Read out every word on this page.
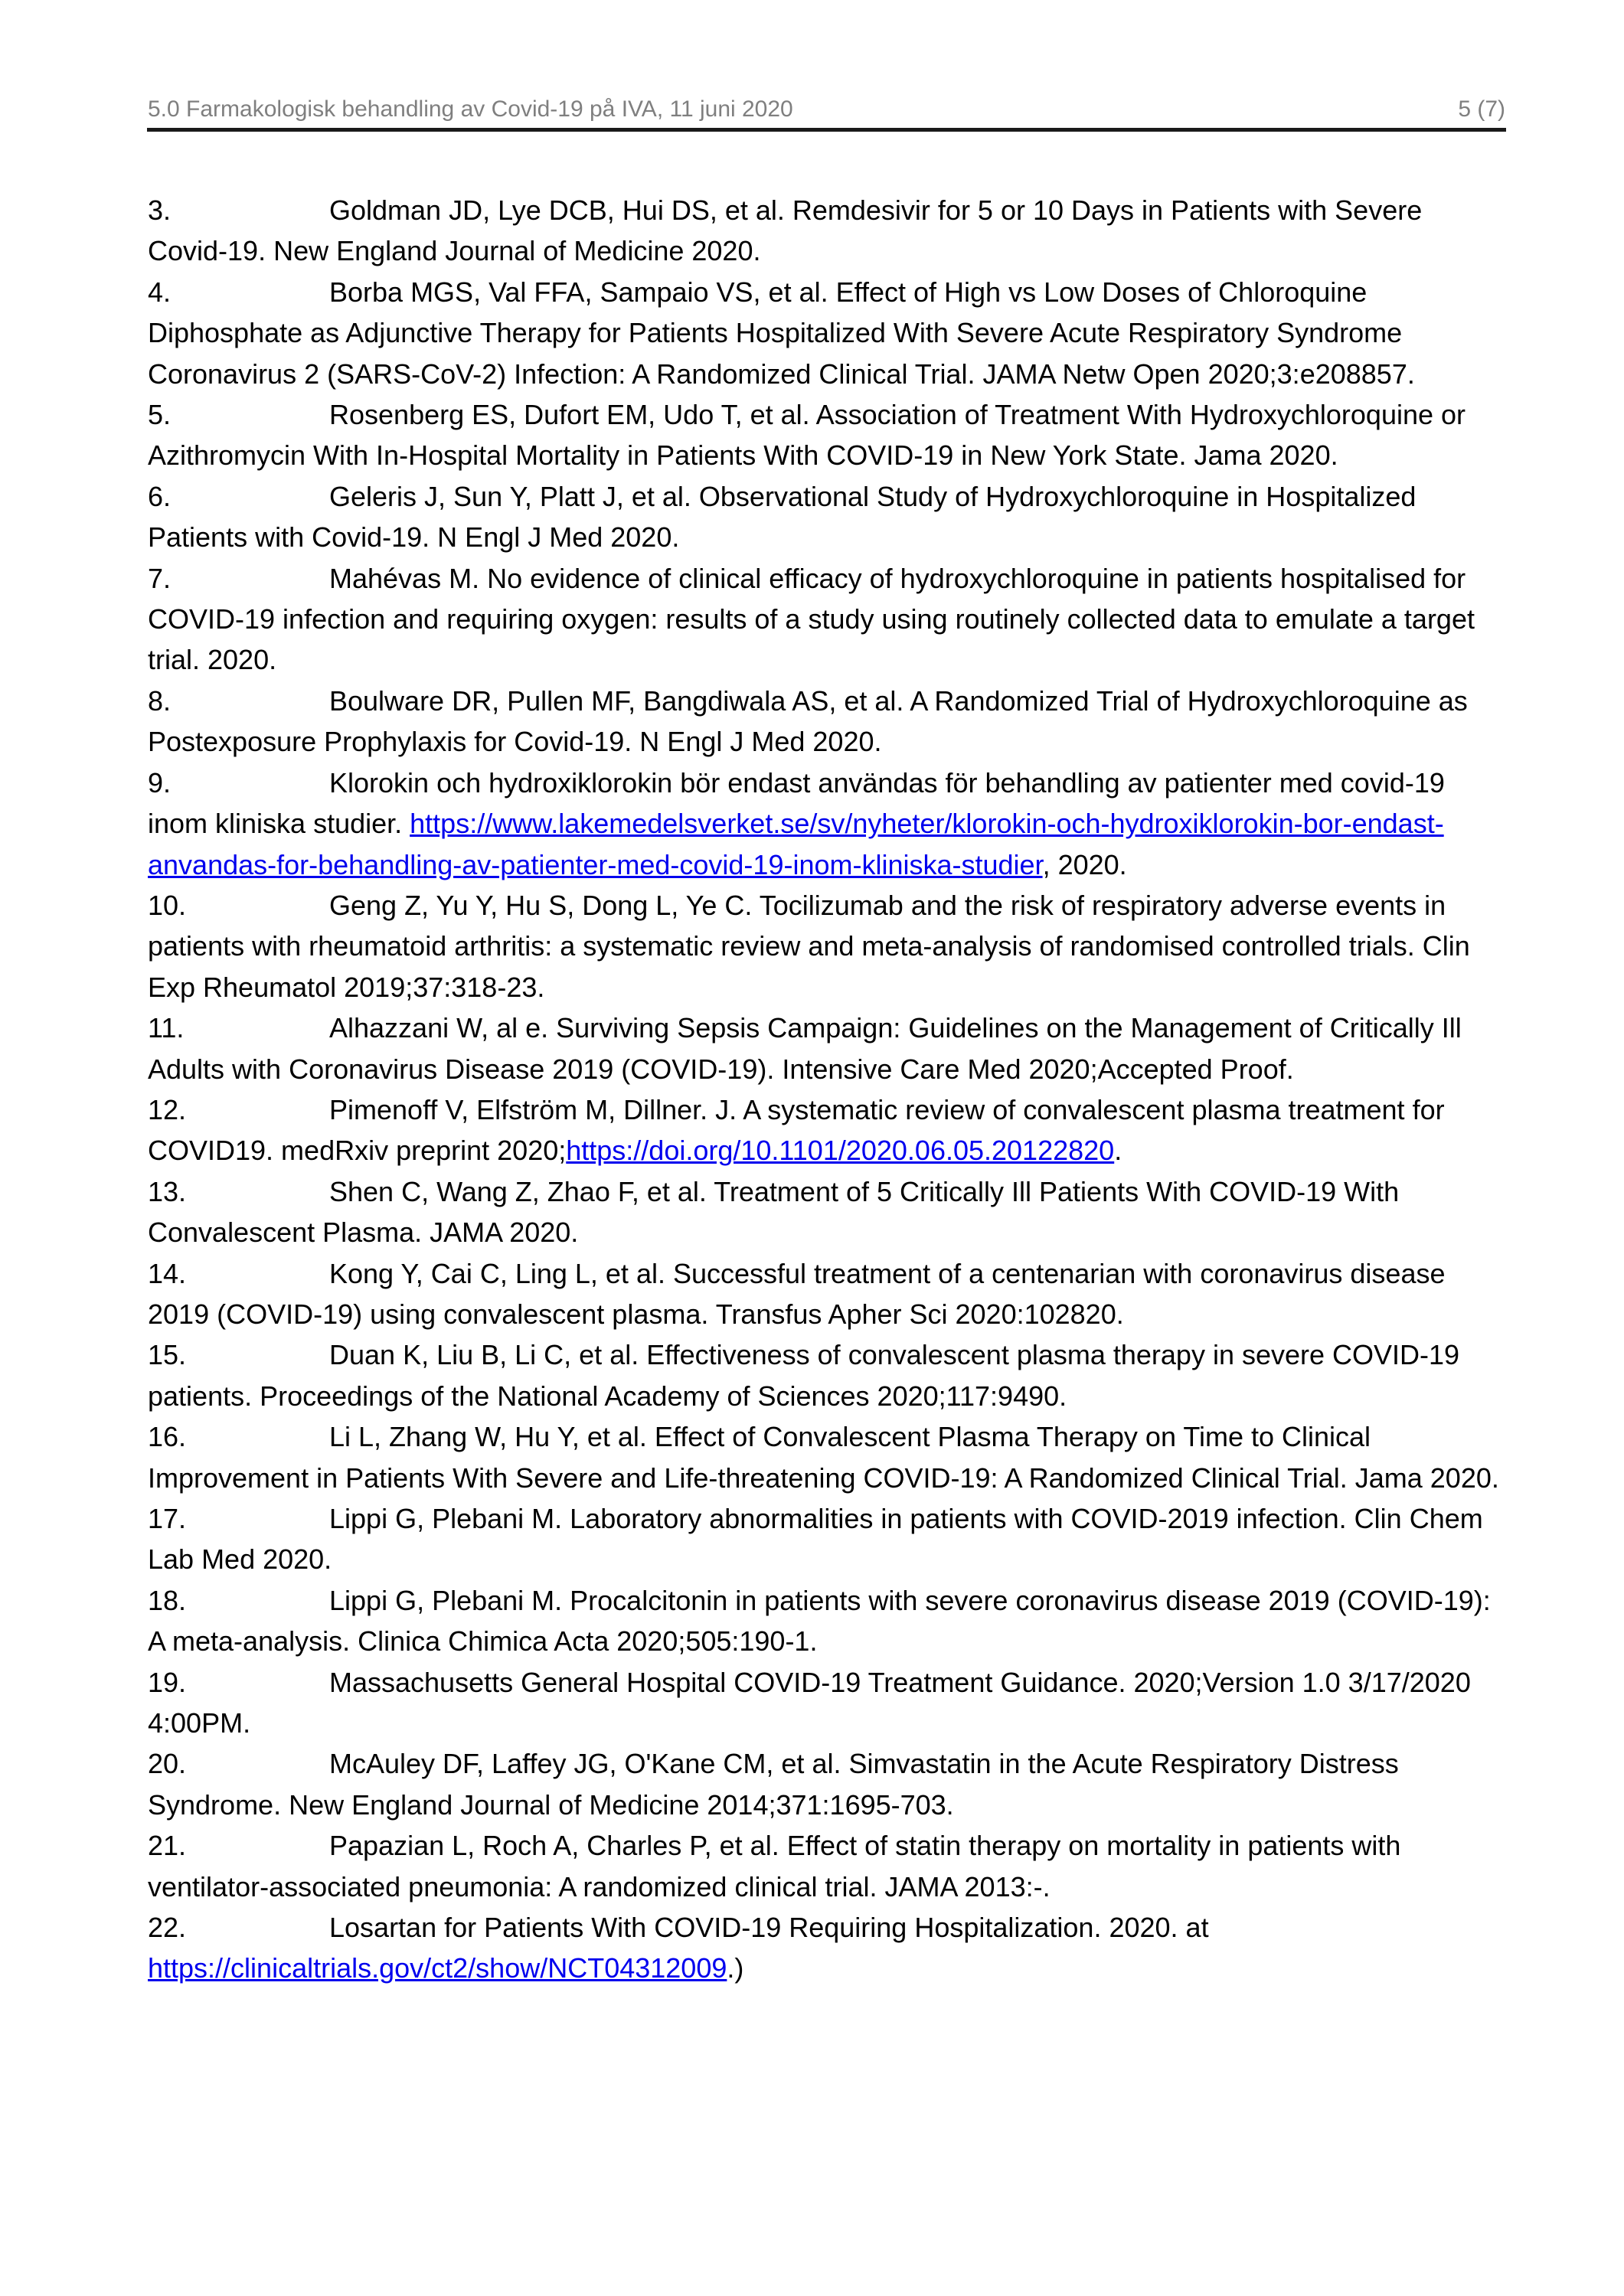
5.0 Farmakologisk behandling av Covid-19 på IVA, 11 juni 2020	5 (7)

3.	Goldman JD, Lye DCB, Hui DS, et al. Remdesivir for 5 or 10 Days in Patients with Severe Covid-19. New England Journal of Medicine 2020.

4.	Borba MGS, Val FFA, Sampaio VS, et al. Effect of High vs Low Doses of Chloroquine Diphosphate as Adjunctive Therapy for Patients Hospitalized With Severe Acute Respiratory Syndrome Coronavirus 2 (SARS-CoV-2) Infection: A Randomized Clinical Trial. JAMA Netw Open 2020;3:e208857.

5.	Rosenberg ES, Dufort EM, Udo T, et al. Association of Treatment With Hydroxychloroquine or Azithromycin With In-Hospital Mortality in Patients With COVID-19 in New York State. Jama 2020.

6.	Geleris J, Sun Y, Platt J, et al. Observational Study of Hydroxychloroquine in Hospitalized Patients with Covid-19. N Engl J Med 2020.

7.	Mahévas M. No evidence of clinical efficacy of hydroxychloroquine in patients hospitalised for COVID-19 infection and requiring oxygen: results of a study using routinely collected data to emulate a target trial. 2020.

8.	Boulware DR, Pullen MF, Bangdiwala AS, et al. A Randomized Trial of Hydroxychloroquine as Postexposure Prophylaxis for Covid-19. N Engl J Med 2020.

9.	Klorokin och hydroxiklorokin bör endast användas för behandling av patienter med covid-19 inom kliniska studier. https://www.lakemedelsverket.se/sv/nyheter/klorokin-och-hydroxiklorokin-bor-endast-anvandas-for-behandling-av-patienter-med-covid-19-inom-kliniska-studier, 2020.

10.	Geng Z, Yu Y, Hu S, Dong L, Ye C. Tocilizumab and the risk of respiratory adverse events in patients with rheumatoid arthritis: a systematic review and meta-analysis of randomised controlled trials. Clin Exp Rheumatol 2019;37:318-23.

11.	Alhazzani W, al e. Surviving Sepsis Campaign: Guidelines on the Management of Critically Ill Adults with Coronavirus Disease 2019 (COVID-19). Intensive Care Med 2020;Accepted Proof.

12.	Pimenoff V, Elfström M, Dillner. J. A systematic review of convalescent plasma treatment for COVID19. medRxiv preprint 2020;https://doi.org/10.1101/2020.06.05.20122820.

13.	Shen C, Wang Z, Zhao F, et al. Treatment of 5 Critically Ill Patients With COVID-19 With Convalescent Plasma. JAMA 2020.

14.	Kong Y, Cai C, Ling L, et al. Successful treatment of a centenarian with coronavirus disease 2019 (COVID-19) using convalescent plasma. Transfus Apher Sci 2020:102820.

15.	Duan K, Liu B, Li C, et al. Effectiveness of convalescent plasma therapy in severe COVID-19 patients. Proceedings of the National Academy of Sciences 2020;117:9490.

16.	Li L, Zhang W, Hu Y, et al. Effect of Convalescent Plasma Therapy on Time to Clinical Improvement in Patients With Severe and Life-threatening COVID-19: A Randomized Clinical Trial. Jama 2020.

17.	Lippi G, Plebani M. Laboratory abnormalities in patients with COVID-2019 infection. Clin Chem Lab Med 2020.

18.	Lippi G, Plebani M. Procalcitonin in patients with severe coronavirus disease 2019 (COVID-19): A meta-analysis. Clinica Chimica Acta 2020;505:190-1.

19.	Massachusetts General Hospital COVID-19 Treatment Guidance. 2020;Version 1.0 3/17/2020 4:00PM.

20.	McAuley DF, Laffey JG, O'Kane CM, et al. Simvastatin in the Acute Respiratory Distress Syndrome. New England Journal of Medicine 2014;371:1695-703.

21.	Papazian L, Roch A, Charles P, et al. Effect of statin therapy on mortality in patients with ventilator-associated pneumonia: A randomized clinical trial. JAMA 2013:-.

22.	Losartan for Patients With COVID-19 Requiring Hospitalization. 2020. at https://clinicaltrials.gov/ct2/show/NCT04312009.)
